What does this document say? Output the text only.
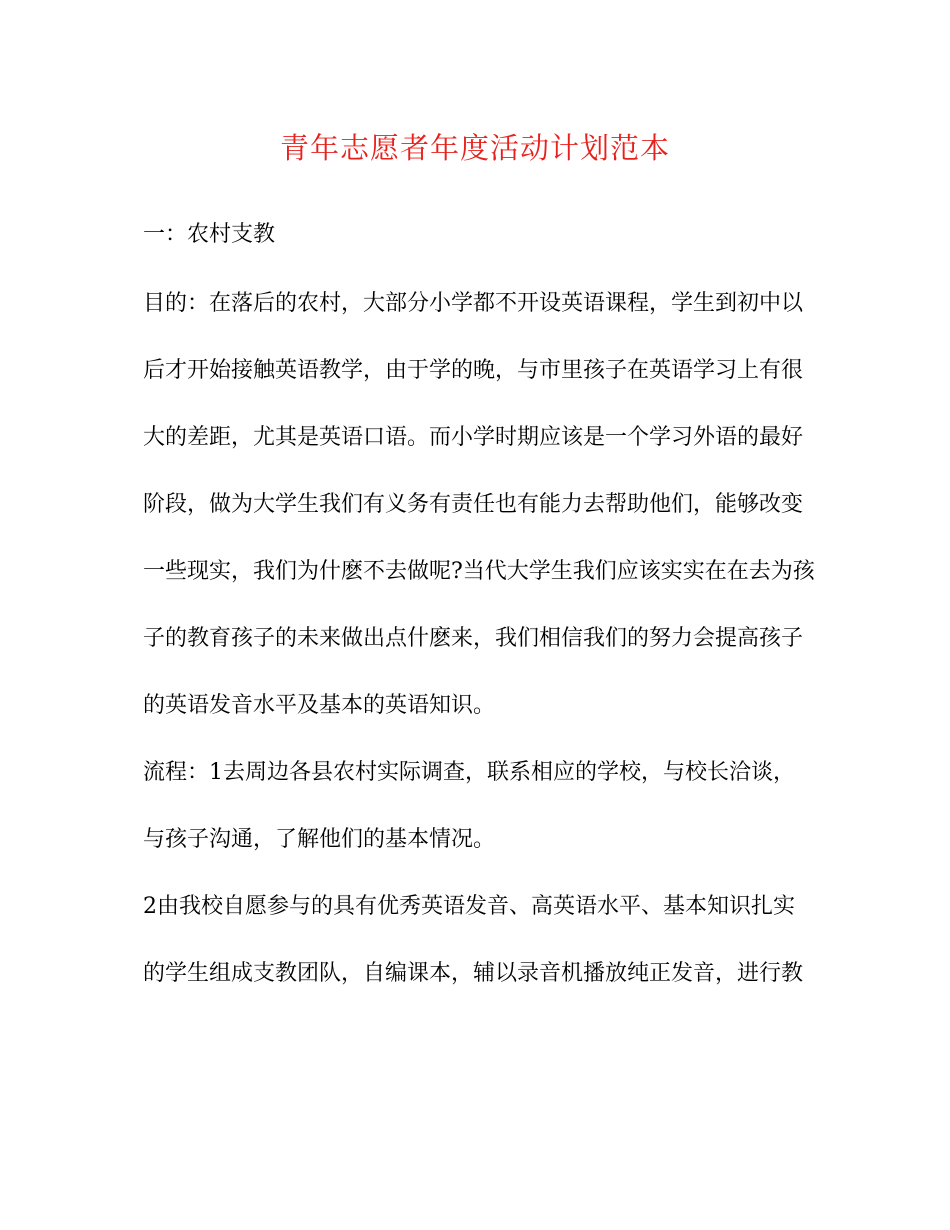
青年志愿者年度活动计划范本
一：农村支教
目的：在落后的农村，大部分小学都不开设英语课程，学生到初中以
后才开始接触英语教学，由于学的晚，与市里孩子在英语学习上有很
大的差距，尤其是英语口语。而小学时期应该是一个学习外语的最好
阶段，做为大学生我们有义务有责任也有能力去帮助他们，能够改变
一些现实，我们为什麽不去做呢?当代大学生我们应该实实在在去为孩
子的教育孩子的未来做出点什麽来，我们相信我们的努力会提高孩子
的英语发音水平及基本的英语知识。
流程：1去周边各县农村实际调查，联系相应的学校，与校长洽谈，
与孩子沟通，了解他们的基本情况。
2由我校自愿参与的具有优秀英语发音、高英语水平、基本知识扎实
的学生组成支教团队，自编课本，辅以录音机播放纯正发音，进行教
